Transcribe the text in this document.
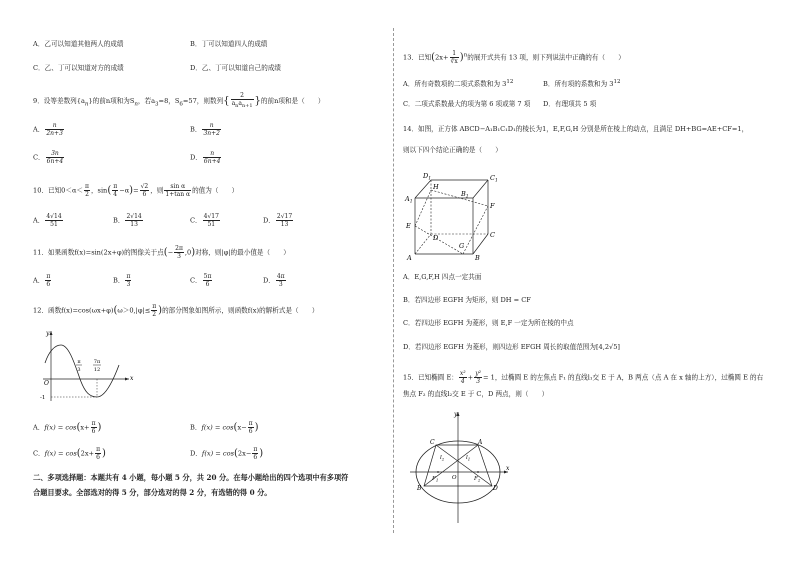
A．乙可以知道其他两人的成绩	B．丁可以知道四人的成绩
C．乙、丁可以知道对方的成绩	D．乙、丁可以知道自己的成绩
9．设等差数列$\{a_n\}$的前n项和为$S_n$，若$a_3=8$，$S_6=57$，则数列{ $\frac{2}{a_na_{n+1}}$ }的前n项和是（　　）
A． $\frac{n}{2n+3}$	B． $\frac{n}{3n+2}$
C． $\frac{3n}{6n+4}$	D． $\frac{n}{6n+4}$
10．已知$0<\alpha< \frac{\pi}{2}$ ，$\sin( \frac{\pi}{4} -\alpha)= \frac{√2}{6}$ ，则 $\frac{\text{sin α}}{\text{1+tan α}}$ 的值为（　　）
A． $\frac{4√14}{51}$	B． $\frac{2√14}{13}$	C． $\frac{4√17}{51}$	D． $\frac{2√17}{13}$
11．如果函数f(x)=sin(2x+φ)的图像关于点(− $\frac{2\pi}{3} ,0$)对称，则|φ|的最小值是（　　）
A． $\frac{\pi}{6}$	B． $\frac{\pi}{3}$	C． $\frac{5\pi}{6}$	D． $\frac{4\pi}{3}$
12．函数$f(x)=\cos(\omega x+\varphi)(\omega>0,|\varphi|\le \frac{\pi}{2}$ )的部分图象如图所示，则函数f(x)的解析式是（　　）
y
x
O
-1
π
3
7π
12
A．$f(x) = \cos(x+ \frac{\pi}{6}$ )	B．$f(x) = \cos(x- \frac{\pi}{6}$ )
C．$f(x) = \cos(2x+ \frac{\pi}{6}$ )	D．$f(x) = \cos(2x- \frac{\pi}{6}$ )
二、多项选择题：本题共有 4 小题，每小题 5 分，共 20 分。在每小题给出的四个选项中有多项符
合题目要求。全部选对的得 5 分，部分选对的得 2 分，有选错的得 0 分。
13．已知$(2x+ \frac{1}{∛x} )^n$的展开式共有 13 项，则下列说法中正确的有（　　）
A．所有奇数项的二项式系数和为 $3^{12}$	B．所有项的系数和为 $3^{12}$
C．二项式系数最大的项为第 6 项或第 7 项 D．有理项共 5 项
14．如图，正方体 ABCD−A₁B₁C₁D₁的棱长为1，E,F,G,H 分别是所在棱上的动点，且满足 DH+BG=AE+CF=1，
则以下四个结论正确的是（　　）
$D_1$	$C_1$
$A_1$
$B_1$
H
F
E
D	C
A	B
G
A．E,G,F,H 四点一定共面
B．若四边形 EGFH 为矩形，则 DH = CF
C．若四边形 EGFH 为菱形，则 E,F 一定为所在棱的中点
D．若四边形 EGFH 为菱形，则四边形 EFGH 周长的取值范围为[4,2√5]
15．已知椭圆 E： $\frac{\text{x²}}{4} + \frac{\text{y²}}{3} = 1$，过椭圆 E 的左焦点 F₁ 的直线l₁交 E 于 A，B 两点（点 A 在 x 轴的上方），过椭圆 E 的右
焦点 F₂ 的直线l₂交 E 于 C，D 两点，则（　　）
y
x
C	A
B	D
$l_2$	$l_1$
$F_1$	$F_2$
O
